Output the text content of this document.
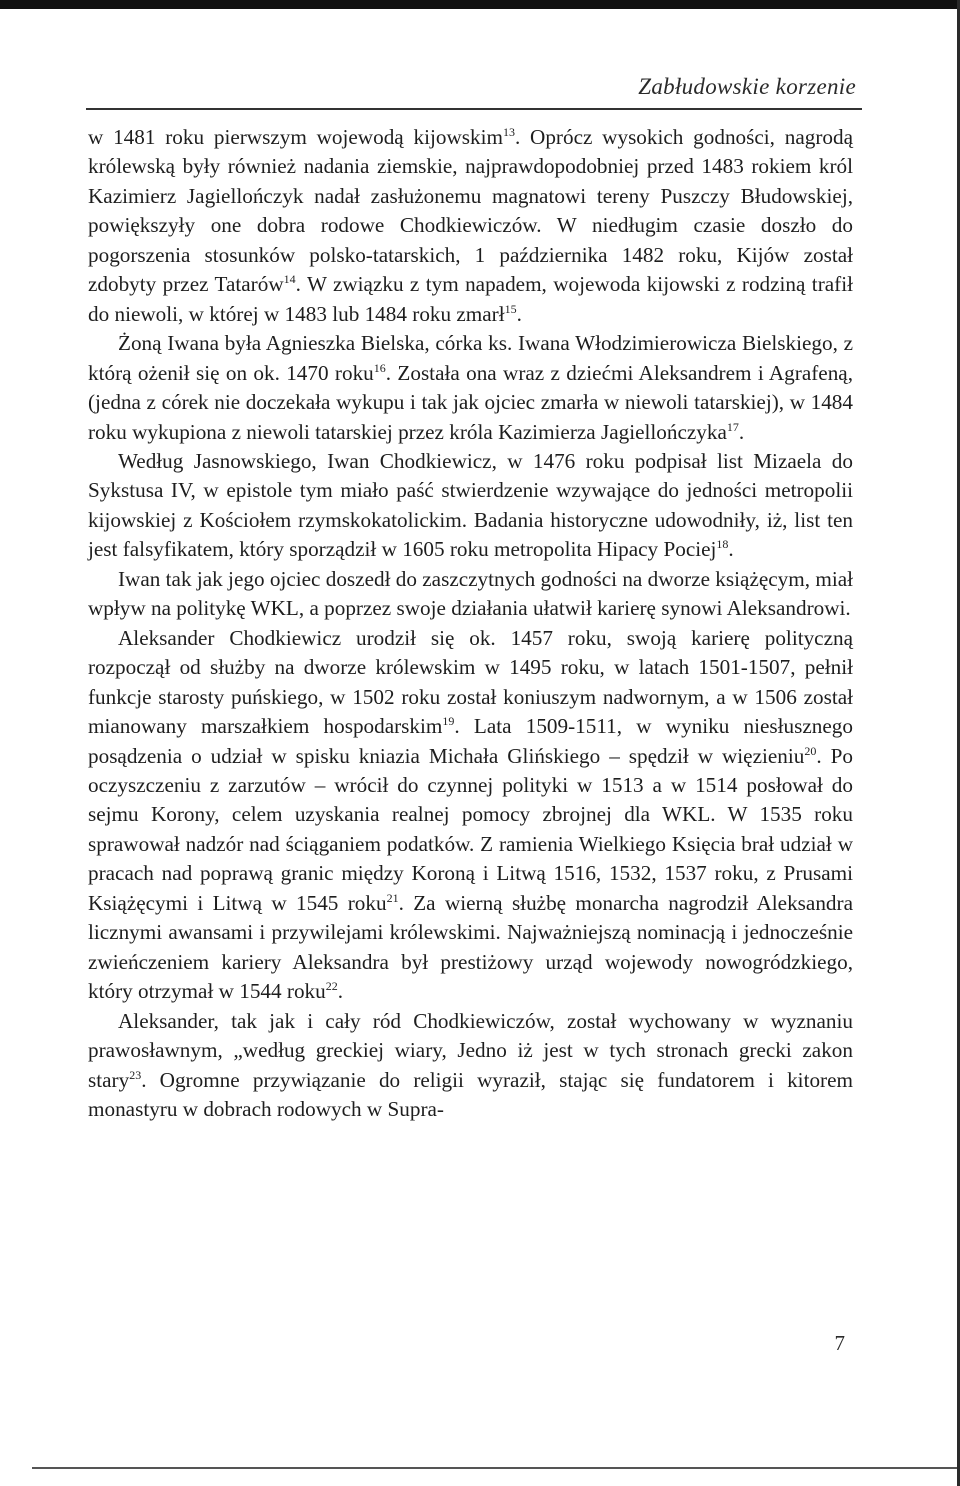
Zabłudowskie korzenie

w 1481 roku pierwszym wojewodą kijowskim$^{13}$. Oprócz wysokich godności, nagrodą królewską były również nadania ziemskie, najprawdopodobniej przed 1483 rokiem król Kazimierz Jagiellończyk nadał zasłużonemu magnatowi tereny Puszczy Błudowskiej, powiększyły one dobra rodowe Chodkiewiczów. W niedługim czasie doszło do pogorszenia stosunków polsko-tatarskich, 1 października 1482 roku, Kijów został zdobyty przez Tatarów$^{14}$. W związku z tym napadem, wojewoda kijowski z rodziną trafił do niewoli, w której w 1483 lub 1484 roku zmarł$^{15}$.

Żoną Iwana była Agnieszka Bielska, córka ks. Iwana Włodzimierowicza Bielskiego, z którą ożenił się on ok. 1470 roku$^{16}$. Została ona wraz z dziećmi Aleksandrem i Agrafeną, (jedna z córek nie doczekała wykupu i tak jak ojciec zmarła w niewoli tatarskiej), w 1484 roku wykupiona z niewoli tatarskiej przez króla Kazimierza Jagiellończyka$^{17}$.

Według Jasnowskiego, Iwan Chodkiewicz, w 1476 roku podpisał list Mizaela do Sykstusa IV, w epistole tym miało paść stwierdzenie wzywające do jedności metropolii kijowskiej z Kościołem rzymskokatolickim. Badania historyczne udowodniły, iż, list ten jest falsyfikatem, który sporządził w 1605 roku metropolita Hipacy Pociej$^{18}$.

Iwan tak jak jego ojciec doszedł do zaszczytnych godności na dworze książęcym, miał wpływ na politykę WKL, a poprzez swoje działania ułatwił karierę synowi Aleksandrowi.

Aleksander Chodkiewicz urodził się ok. 1457 roku, swoją karierę polityczną rozpoczął od służby na dworze królewskim w 1495 roku, w latach 1501-1507, pełnił funkcje starosty puńskiego, w 1502 roku został koniuszym nadwornym, a w 1506 został mianowany marszałkiem hospodarskim$^{19}$. Lata 1509-1511, w wyniku niesłusznego posądzenia o udział w spisku kniazia Michała Glińskiego – spędził w więzieniu$^{20}$. Po oczyszczeniu z zarzutów – wrócił do czynnej polityki w 1513 a w 1514 posłował do sejmu Korony, celem uzyskania realnej pomocy zbrojnej dla WKL. W 1535 roku sprawował nadzór nad ściąganiem podatków. Z ramienia Wielkiego Księcia brał udział w pracach nad poprawą granic między Koroną i Litwą 1516, 1532, 1537 roku, z Prusami Książęcymi i Litwą w 1545 roku$^{21}$. Za wierną służbę monarcha nagrodził Aleksandra licznymi awansami i przywilejami królewskimi. Najważniejszą nominacją i jednocześnie zwieńczeniem kariery Aleksandra był prestiżowy urząd wojewody nowogródzkiego, który otrzymał w 1544 roku$^{22}$.

Aleksander, tak jak i cały ród Chodkiewiczów, został wychowany w wyznaniu prawosławnym, „według greckiej wiary, Jedno iż jest w tych stronach grecki zakon stary$^{23}$. Ogromne przywiązanie do religii wyraził, stając się fundatorem i kitorem monastyru w dobrach rodowych w Supra-

7
